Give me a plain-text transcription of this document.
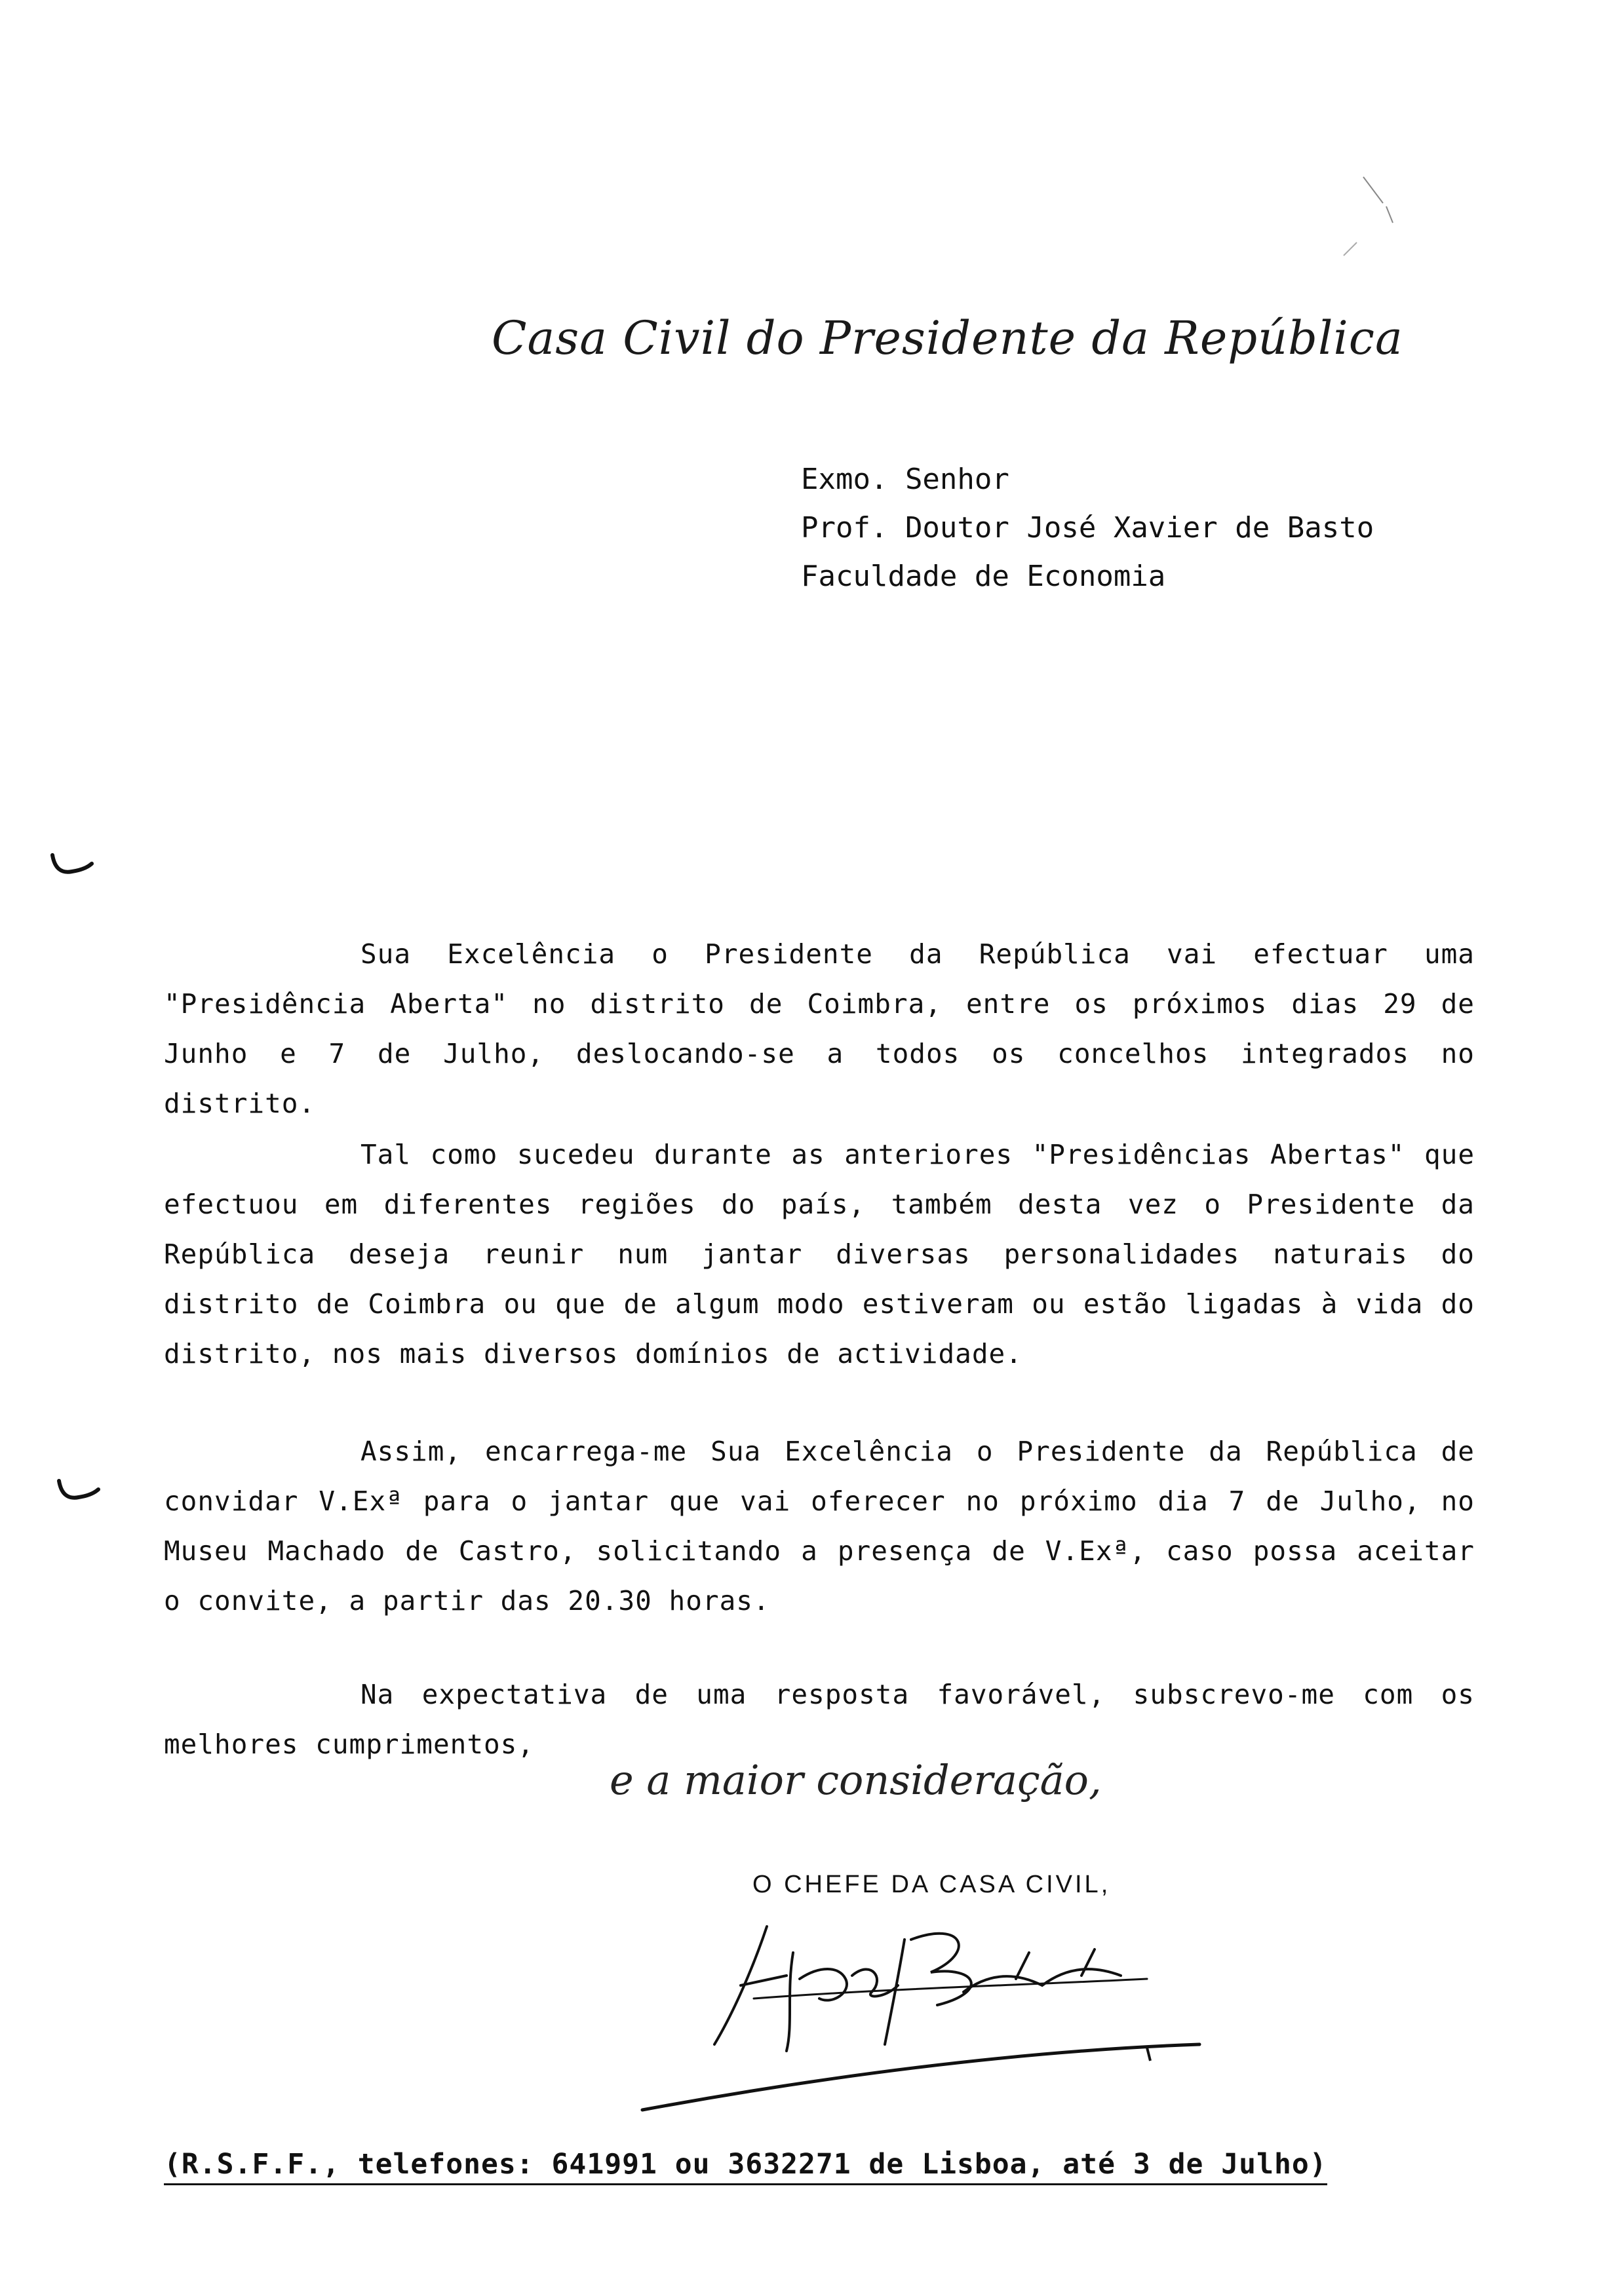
Casa Civil do Presidente da República
Exmo. Senhor
Prof. Doutor José Xavier de Basto
Faculdade de Economia
Sua Excelência o Presidente da República vai efectuar uma "Presidência Aberta" no distrito de Coimbra, entre os próximos dias 29 de Junho e 7 de Julho, deslocando-se a todos os concelhos integrados no distrito.
Tal como sucedeu durante as anteriores "Presidências Abertas" que efectuou em diferentes regiões do país, também desta vez o Presidente da República deseja reunir num jantar diversas personalidades naturais do distrito de Coimbra ou que de algum modo estiveram ou estão ligadas à vida do distrito, nos mais diversos domínios de actividade.
Assim, encarrega-me Sua Excelência o Presidente da República de convidar V.Exª para o jantar que vai oferecer no próximo dia 7 de Julho, no Museu Machado de Castro, solicitando a presença de V.Exª, caso possa aceitar o convite, a partir das 20.30 horas.
Na expectativa de uma resposta favorável, subscrevo-me com os melhores cumprimentos,
e a maior consideração,
O CHEFE DA CASA CIVIL,
(R.S.F.F., telefones: 641991 ou 3632271 de Lisboa, até 3 de Julho)
